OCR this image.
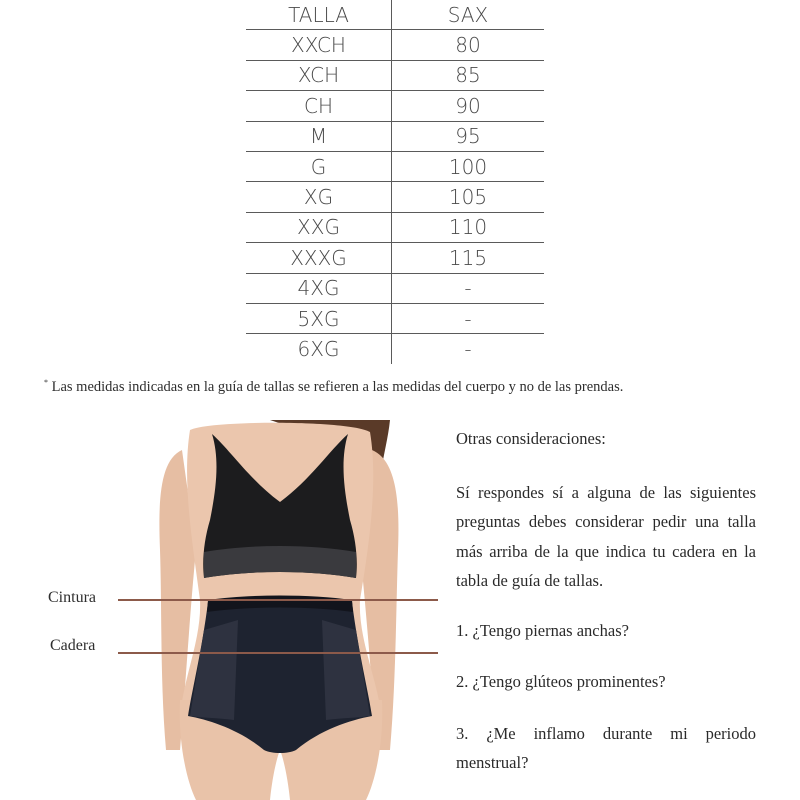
TALLA	SAX
XXCH	80
XCH	85
CH	90
M	95
G	100
XG	105
XXG	110
XXXG	115
4XG	-
5XG	-
6XG	-
* Las medidas indicadas en la guía de tallas se refieren a las medidas del cuerpo y no de las prendas.
Cintura
Cadera

Otras consideraciones:

Sí respondes sí a alguna de las siguientes preguntas debes considerar pedir una talla más arriba de la que indica tu cadera en la tabla de guía de tallas.

1. ¿Tengo piernas anchas?

2. ¿Tengo glúteos prominentes?

3. ¿Me inflamo durante mi periodo menstrual?
